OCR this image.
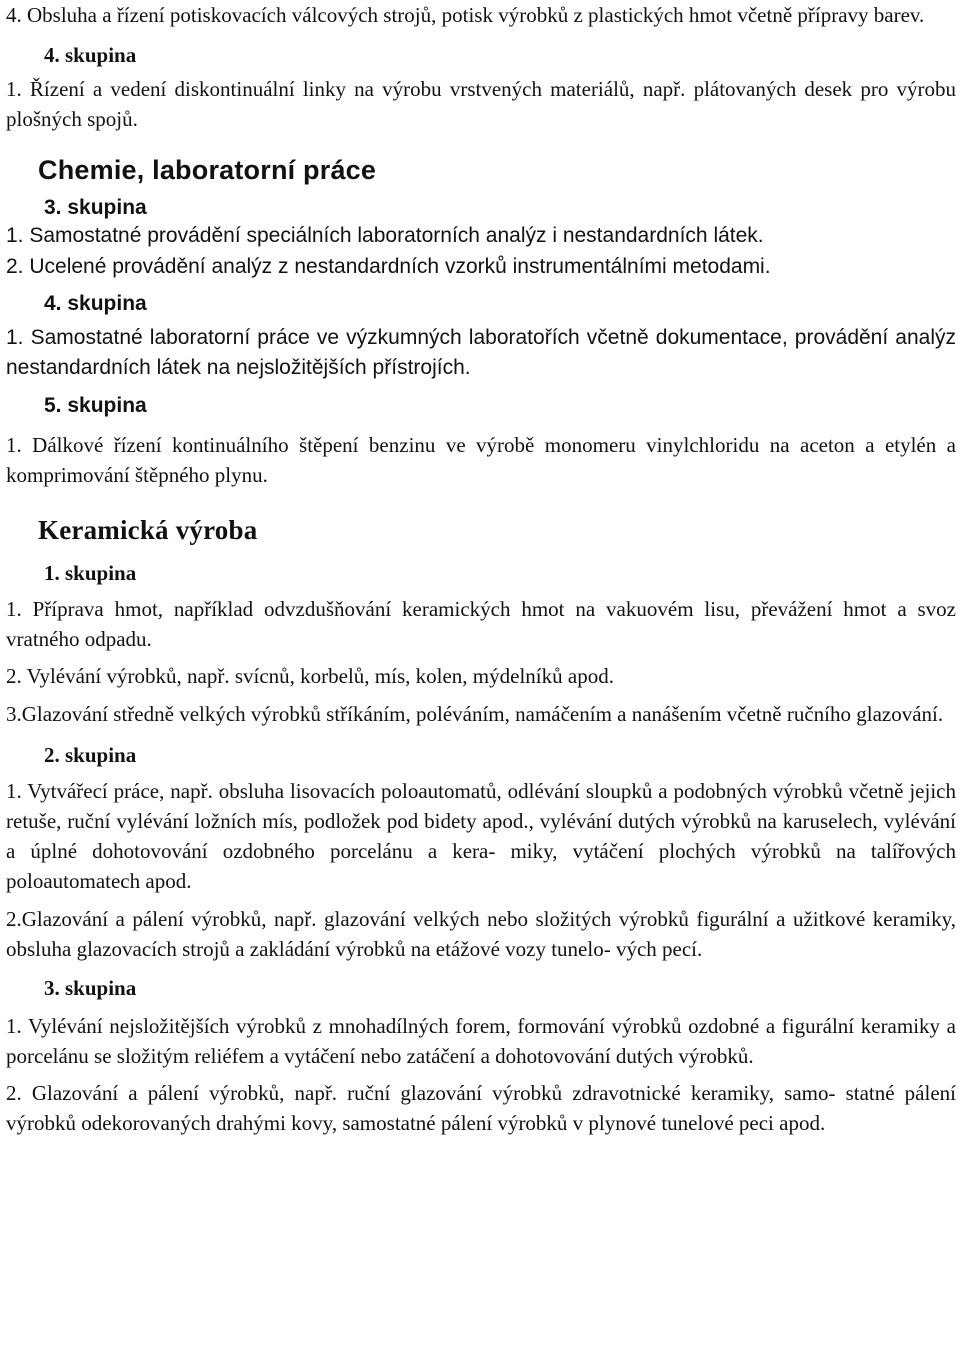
4. Obsluha a řízení potiskovacích válcových strojů, potisk výrobků z plastických hmot včetně přípravy barev.

4. skupina

1. Řízení a vedení diskontinuální linky na výrobu vrstvených materiálů, např. plátovaných desek pro výrobu plošných spojů.

Chemie, laboratorní práce

3. skupina

1. Samostatné provádění speciálních laboratorních analýz i nestandardních látek.

2. Ucelené provádění analýz z nestandardních vzorků instrumentálními metodami.

4. skupina

1. Samostatné laboratorní práce ve výzkumných laboratořích včetně dokumentace, provádění analýz nestandardních látek na nejsložitějších přístrojích.

5. skupina

1. Dálkové řízení kontinuálního štěpení benzinu ve výrobě monomeru vinylchloridu na aceton a etylén a komprimování štěpného plynu.

Keramická výroba

1. skupina

1. Příprava hmot, například odvzdušňování keramických hmot na vakuovém lisu, převážení hmot a svoz vratného odpadu.

2. Vylévání výrobků, např. svícnů, korbelů, mís, kolen, mýdelníků apod.

3.Glazování středně velkých výrobků stříkáním, poléváním, namáčením a nanášením včetně ručního glazování.

2. skupina

1. Vytvářecí práce, např. obsluha lisovacích poloautomatů, odlévání sloupků a podobných výrobků včetně jejich retuše, ruční vylévání ložních mís, podložek pod bidety apod., vylévání dutých výrobků na karuselech, vylévání a úplné dohotovování ozdobného porcelánu a kera- miky, vytáčení plochých výrobků na talířových poloautomatech apod.

2.Glazování a pálení výrobků, např. glazování velkých nebo složitých výrobků figurální a užitkové keramiky, obsluha glazovacích strojů a zakládání výrobků na etážové vozy tunelo- vých pecí.

3. skupina

1. Vylévání nejsložitějších výrobků z mnohadílných forem, formování výrobků ozdobné a figurální keramiky a porcelánu se složitým reliéfem a vytáčení nebo zatáčení a dohotovování dutých výrobků.

2. Glazování a pálení výrobků, např. ruční glazování výrobků zdravotnické keramiky, samo- statné pálení výrobků odekorovaných drahými kovy, samostatné pálení výrobků v plynové tunelové peci apod.
